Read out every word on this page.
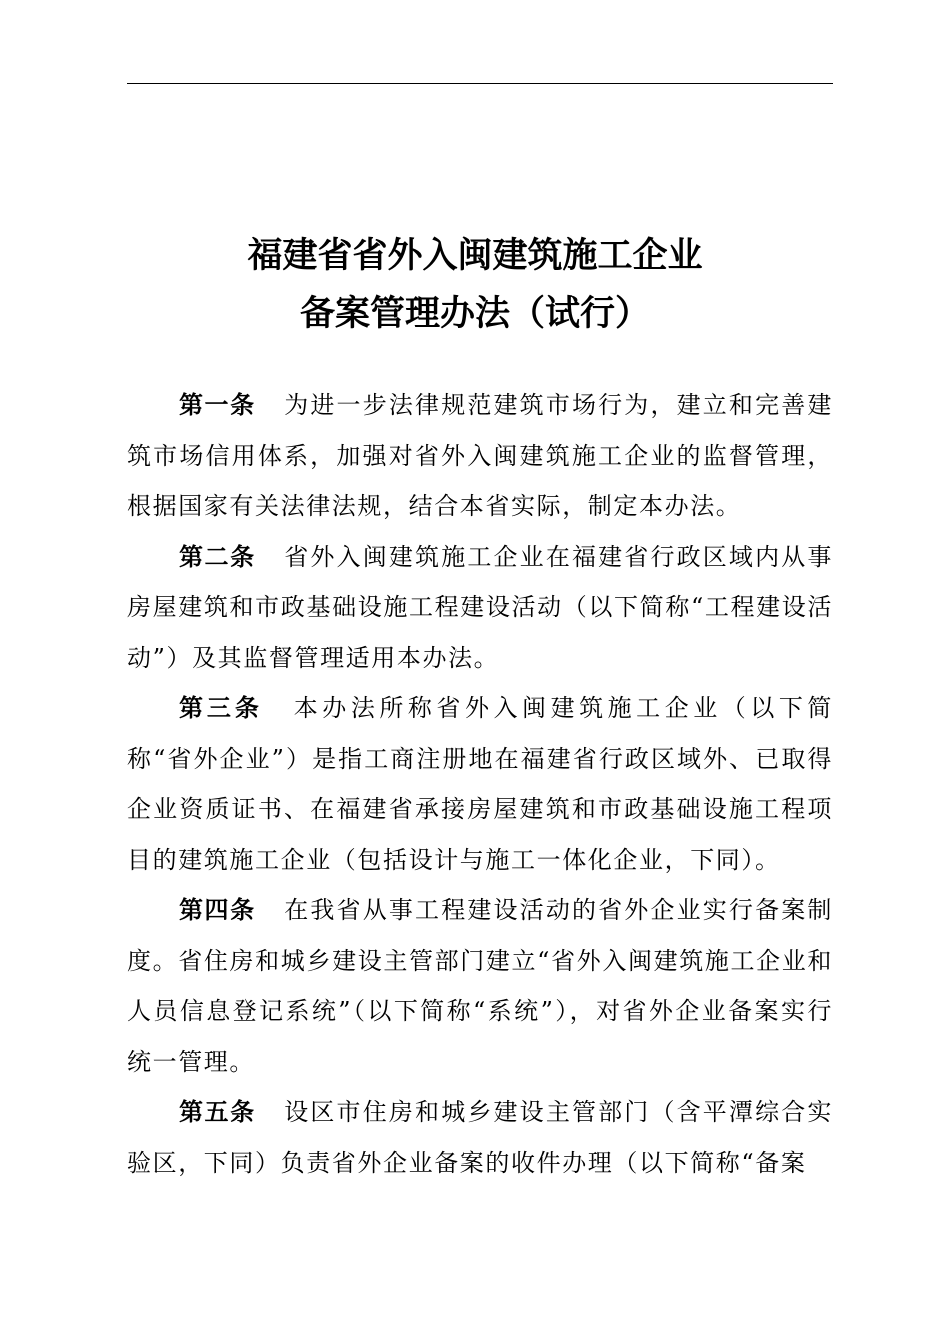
福建省省外入闽建筑施工企业
备案管理办法（试行）

第一条 为进一步法律规范建筑市场行为，建立和完善建筑市场信用体系，加强对省外入闽建筑施工企业的监督管理，根据国家有关法律法规，结合本省实际，制定本办法。

第二条 省外入闽建筑施工企业在福建省行政区域内从事房屋建筑和市政基础设施工程建设活动（以下简称“工程建设活动”）及其监督管理适用本办法。

第三条 本办法所称省外入闽建筑施工企业（以下简称“省外企业”）是指工商注册地在福建省行政区域外、已取得企业资质证书、在福建省承接房屋建筑和市政基础设施工程项目的建筑施工企业（包括设计与施工一体化企业，下同）。

第四条 在我省从事工程建设活动的省外企业实行备案制度。省住房和城乡建设主管部门建立“省外入闽建筑施工企业和人员信息登记系统”（以下简称“系统”），对省外企业备案实行统一管理。

第五条 设区市住房和城乡建设主管部门（含平潭综合实验区，下同）负责省外企业备案的收件办理（以下简称“备案
